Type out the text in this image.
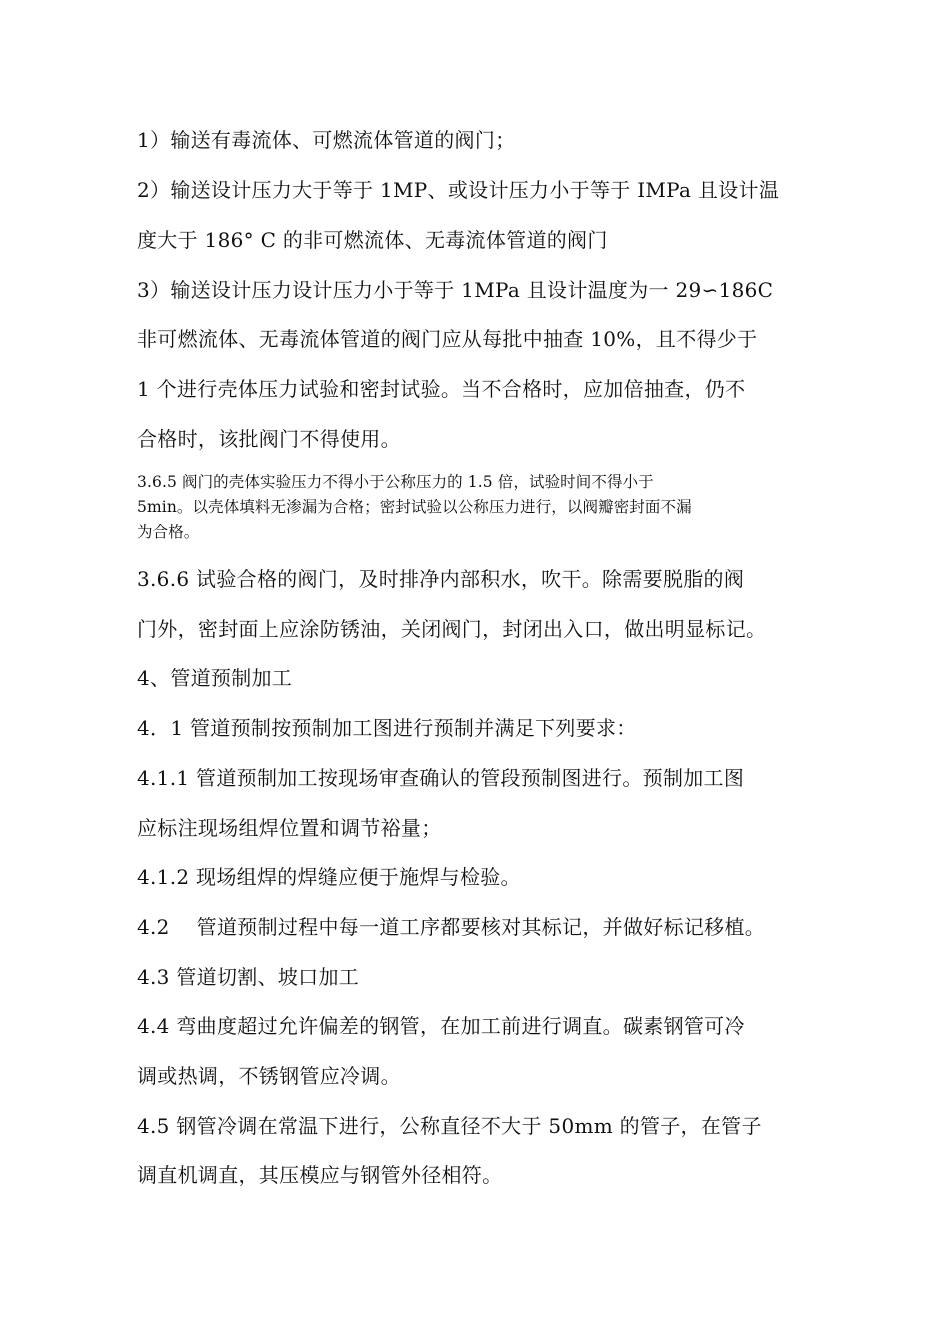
1）输送有毒流体、可燃流体管道的阀门；
2）输送设计压力大于等于 1MP、或设计压力小于等于 IMPa 且设计温
度大于 186° C 的非可燃流体、无毒流体管道的阀门
3）输送设计压力设计压力小于等于 1MPa 且设计温度为一 29∽186C
非可燃流体、无毒流体管道的阀门应从每批中抽查 10%，且不得少于
1 个进行壳体压力试验和密封试验。当不合格时，应加倍抽查，仍不
合格时，该批阀门不得使用。
3.6.5 阀门的壳体实验压力不得小于公称压力的 1.5 倍，试验时间不得小于
5min。以壳体填料无渗漏为合格；密封试验以公称压力进行，以阀瓣密封面不漏
为合格。
3.6.6 试验合格的阀门，及时排净内部积水，吹干。除需要脱脂的阀
门外，密封面上应涂防锈油，关闭阀门，封闭出入口，做出明显标记。
4、管道预制加工
4．1 管道预制按预制加工图进行预制并满足下列要求：
4.1.1 管道预制加工按现场审查确认的管段预制图进行。预制加工图
应标注现场组焊位置和调节裕量；
4.1.2 现场组焊的焊缝应便于施焊与检验。
4.2　 管道预制过程中每一道工序都要核对其标记，并做好标记移植。
4.3 管道切割、坡口加工
4.4 弯曲度超过允许偏差的钢管，在加工前进行调直。碳素钢管可冷
调或热调，不锈钢管应冷调。
4.5 钢管冷调在常温下进行，公称直径不大于 50mm 的管子，在管子
调直机调直，其压模应与钢管外径相符。
